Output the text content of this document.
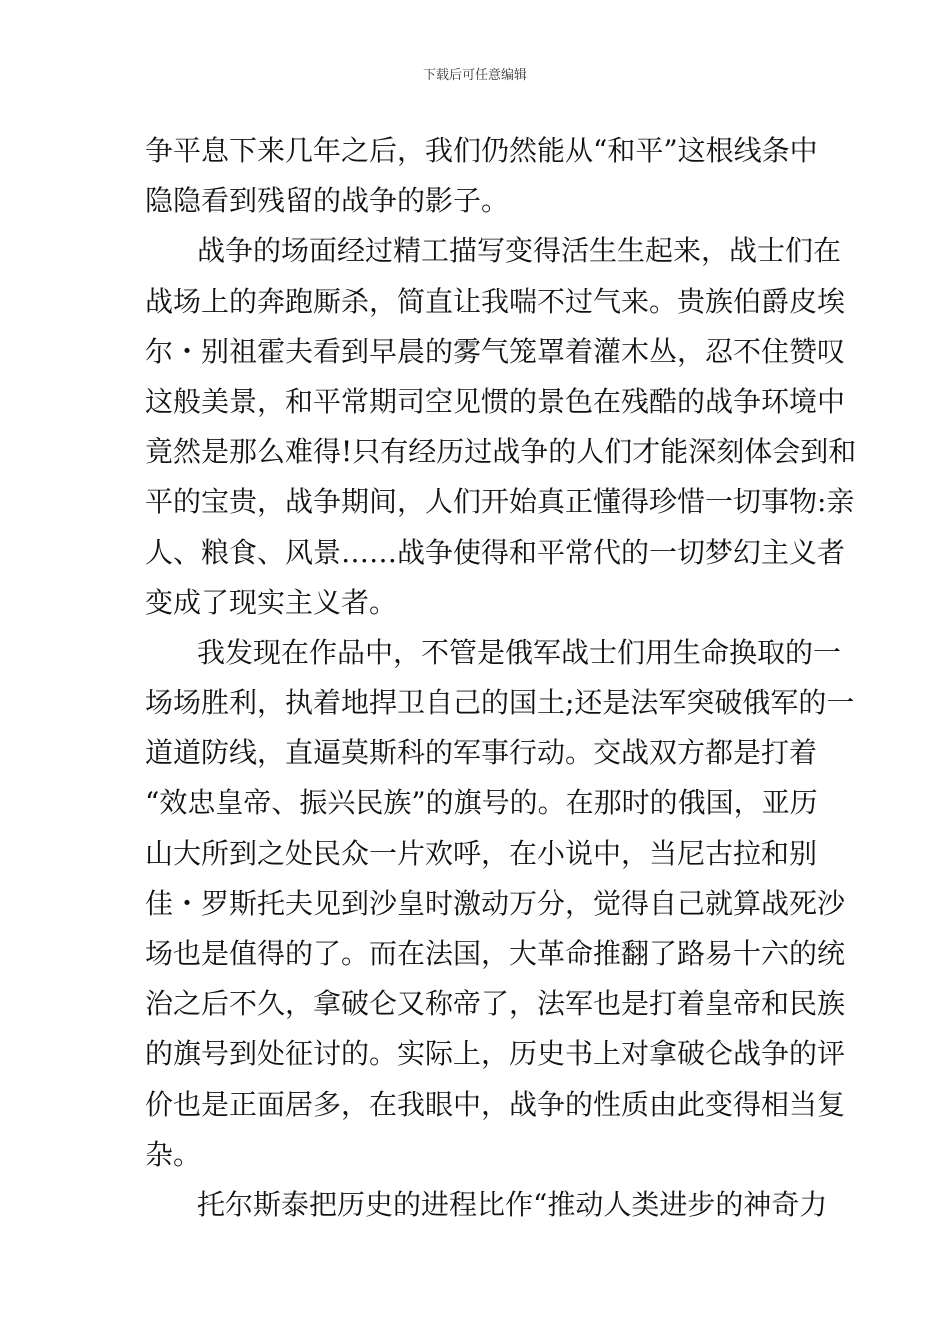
下载后可任意编辑
争平息下来几年之后，我们仍然能从“和平”这根线条中
隐隐看到残留的战争的影子。
战争的场面经过精工描写变得活生生起来，战士们在
战场上的奔跑厮杀，简直让我喘不过气来。贵族伯爵皮埃
尔・别祖霍夫看到早晨的雾气笼罩着灌木丛，忍不住赞叹
这般美景，和平常期司空见惯的景色在残酷的战争环境中
竟然是那么难得!只有经历过战争的人们才能深刻体会到和
平的宝贵，战争期间，人们开始真正懂得珍惜一切事物:亲
人、粮食、风景……战争使得和平常代的一切梦幻主义者
变成了现实主义者。
我发现在作品中，不管是俄军战士们用生命换取的一
场场胜利，执着地捍卫自己的国土;还是法军突破俄军的一
道道防线，直逼莫斯科的军事行动。交战双方都是打着
“效忠皇帝、振兴民族”的旗号的。在那时的俄国，亚历
山大所到之处民众一片欢呼，在小说中，当尼古拉和别
佳・罗斯托夫见到沙皇时激动万分，觉得自己就算战死沙
场也是值得的了。而在法国，大革命推翻了路易十六的统
治之后不久，拿破仑又称帝了，法军也是打着皇帝和民族
的旗号到处征讨的。实际上，历史书上对拿破仑战争的评
价也是正面居多，在我眼中，战争的性质由此变得相当复
杂。
托尔斯泰把历史的进程比作“推动人类进步的神奇力
